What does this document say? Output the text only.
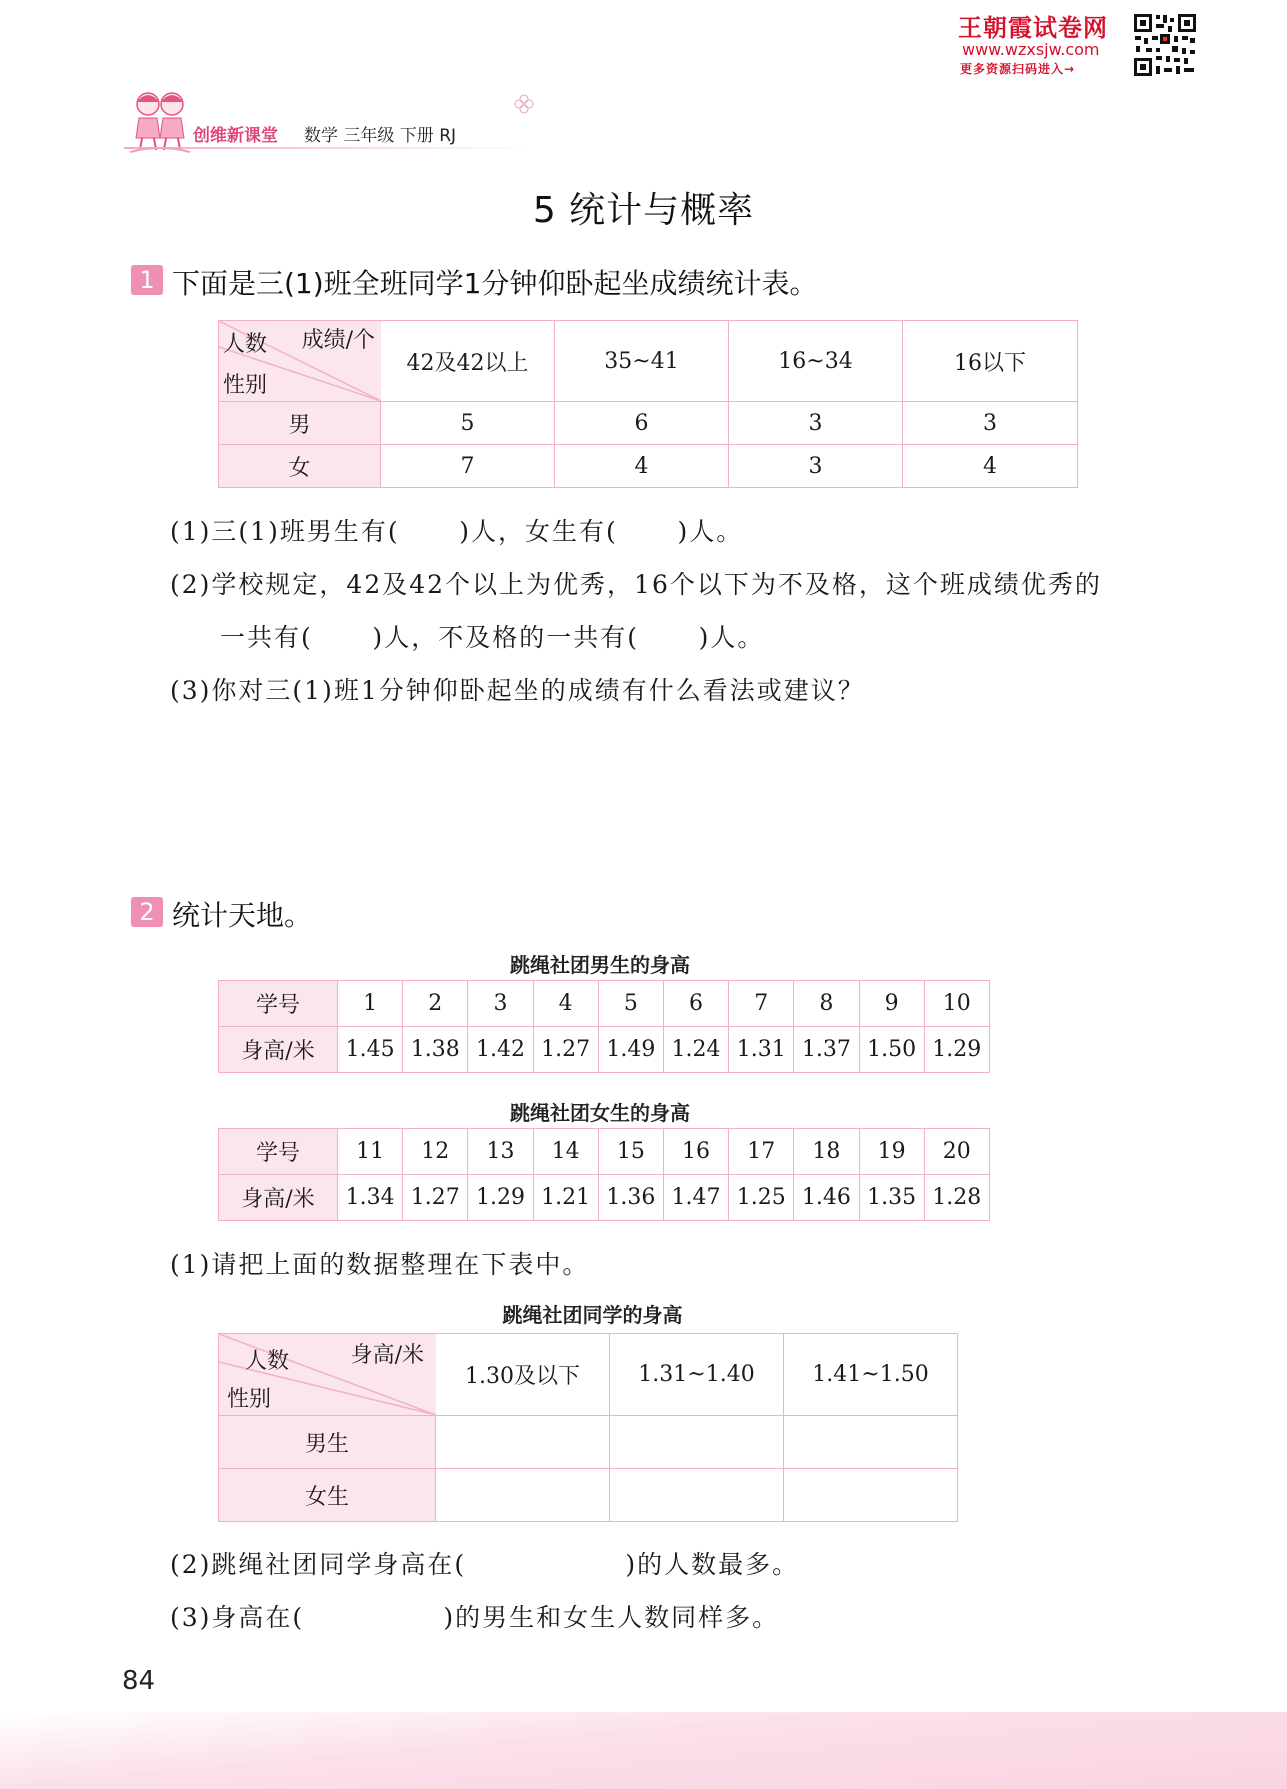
王朝霞试卷网
www.wzxsjw.com
更多资源扫码进入→
创维新课堂 数学 三年级 下册 RJ
5 统计与概率
1 下面是三(1)班全班同学1分钟仰卧起坐成绩统计表。
成绩/个
人数
性别	42及42以上	35~41	16~34	16以下
男	5	6	3	3
女	7	4	3	4
(1)三(1)班男生有(      )人，女生有(      )人。
(2)学校规定，42及42个以上为优秀，16个以下为不及格，这个班成绩优秀的
一共有(      )人，不及格的一共有(      )人。
(3)你对三(1)班1分钟仰卧起坐的成绩有什么看法或建议？
2 统计天地。
跳绳社团男生的身高
学号	1	2	3	4	5	6	7	8	9	10
身高/米	1.45	1.38	1.42	1.27	1.49	1.24	1.31	1.37	1.50	1.29
跳绳社团女生的身高
学号	11	12	13	14	15	16	17	18	19	20
身高/米	1.34	1.27	1.29	1.21	1.36	1.47	1.25	1.46	1.35	1.28
(1)请把上面的数据整理在下表中。
跳绳社团同学的身高
身高/米
人数
性别	1.30及以下	1.31~1.40	1.41~1.50
男生			
女生			
(2)跳绳社团同学身高在(                )的人数最多。
(3)身高在(              )的男生和女生人数同样多。
84
